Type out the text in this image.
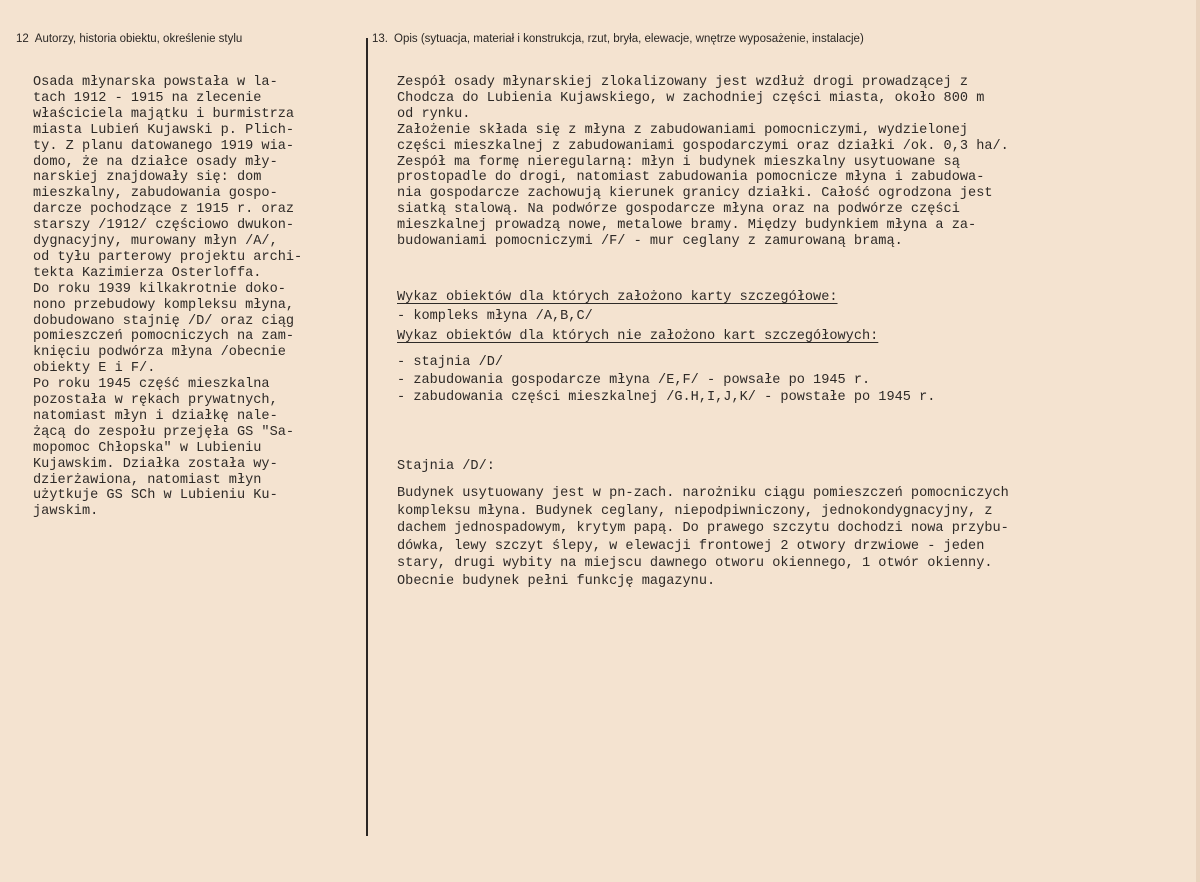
12 Autorzy, historia obiektu, określenie stylu	13. Opis (sytuacja, materiał i konstrukcja, rzut, bryła, elewacje, wnętrze wyposażenie, instalacje)
Osada młynarska powstała w la-
tach 1912 - 1915 na zlecenie
właściciela majątku i burmistrza
miasta Lubień Kujawski p. Plich-
ty. Z planu datowanego 1919 wia-
domo, że na działce osady mły-
narskiej znajdowały się: dom
mieszkalny, zabudowania gospo-
darcze pochodzące z 1915 r. oraz
starszy /1912/ częściowo dwukon-
dygnacyjny, murowany młyn /A/,
od tyłu parterowy projektu archi-
tekta Kazimierza Osterloffa.
Do roku 1939 kilkakrotnie doko-
nono przebudowy kompleksu młyna,
dobudowano stajnię /D/ oraz ciąg
pomieszczeń pomocniczych na zam-
knięciu podwórza młyna /obecnie
obiekty E i F/.
Po roku 1945 część mieszkalna
pozostała w rękach prywatnych,
natomiast młyn i działkę nale-
żącą do zespołu przejęła GS "Sa-
mopomoc Chłopska" w Lubieniu
Kujawskim. Działka została wy-
dzierżawiona, natomiast młyn
użytkuje GS SCh w Lubieniu Ku-
jawskim.
Zespół osady młynarskiej zlokalizowany jest wzdłuż drogi prowadzącej z
Chodcza do Lubienia Kujawskiego, w zachodniej części miasta, około 800 m
od rynku.
Założenie składa się z młyna z zabudowaniami pomocniczymi, wydzielonej
części mieszkalnej z zabudowaniami gospodarczymi oraz działki /ok. 0,3 ha/.
Zespół ma formę nieregularną: młyn i budynek mieszkalny usytuowane są
prostopadle do drogi, natomiast zabudowania pomocnicze młyna i zabudowa-
nia gospodarcze zachowują kierunek granicy działki. Całość ogrodzona jest
siatką stalową. Na podwórze gospodarcze młyna oraz na podwórze części
mieszkalnej prowadzą nowe, metalowe bramy. Między budynkiem młyna a za-
budowaniami pomocniczymi /F/ - mur ceglany z zamurowaną bramą.
Wykaz obiektów dla których założono karty szczegółowe:
- kompleks młyna /A,B,C/
Wykaz obiektów dla których nie założono kart szczegółowych:
- stajnia /D/
- zabudowania gospodarcze młyna /E,F/ - powsałe po 1945 r.
- zabudowania części mieszkalnej /G.H,I,J,K/ - powstałe po 1945 r.
Stajnia /D/:
Budynek usytuowany jest w pn-zach. narożniku ciągu pomieszczeń pomocniczych
kompleksu młyna. Budynek ceglany, niepodpiwniczony, jednokondygnacyjny, z
dachem jednospadowym, krytym papą. Do prawego szczytu dochodzi nowa przybu-
dówka, lewy szczyt ślepy, w elewacji frontowej 2 otwory drzwiowe - jeden
stary, drugi wybity na miejscu dawnego otworu okiennego, 1 otwór okienny.
Obecnie budynek pełni funkcję magazynu.
